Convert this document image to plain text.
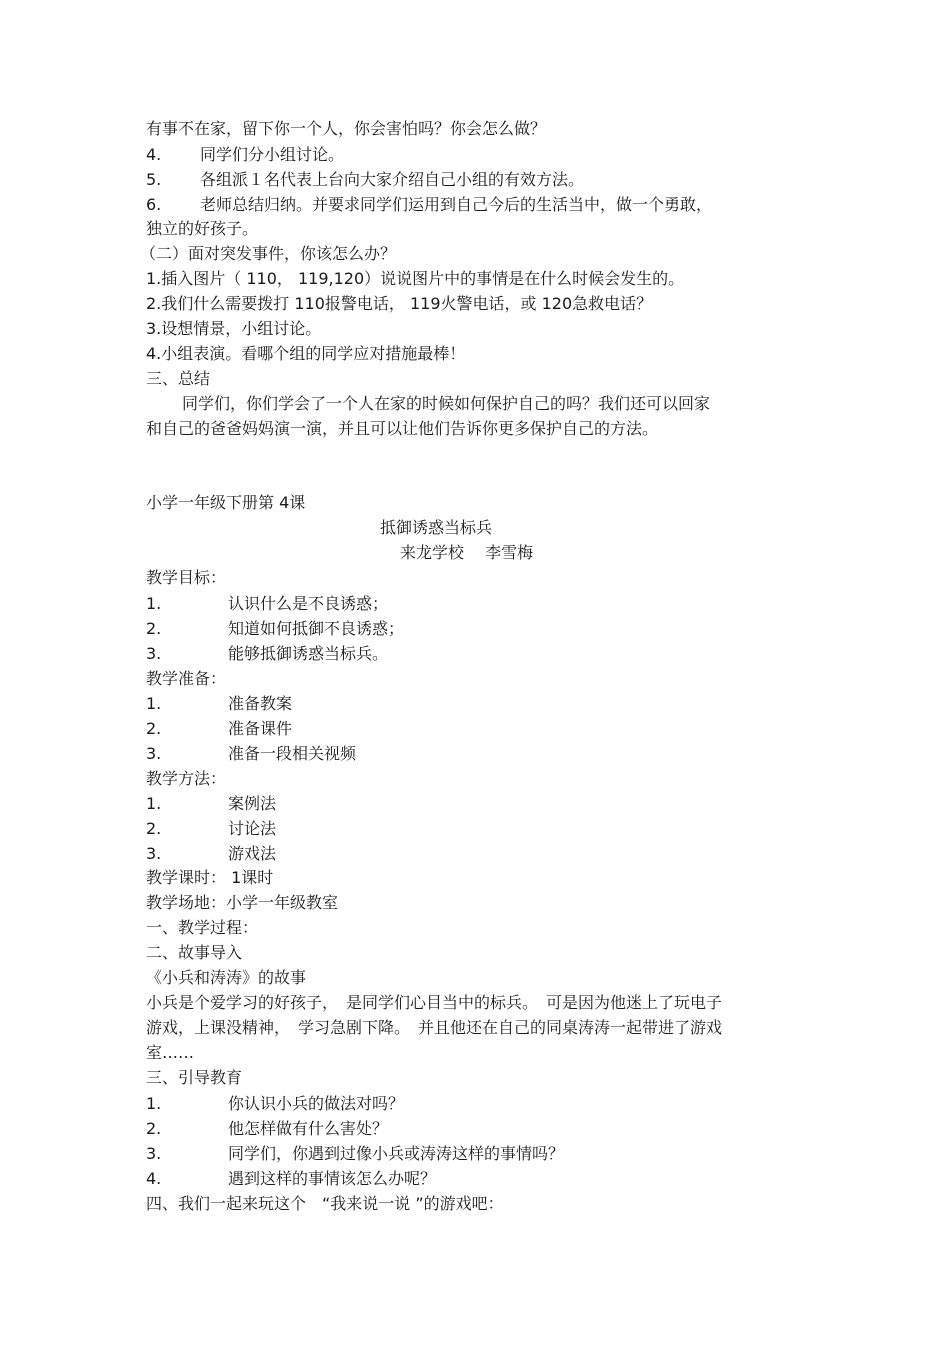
有事不在家，留下你一个人，你会害怕吗？你会怎么做？
4. 同学们分小组讨论。
5. 各组派１名代表上台向大家介绍自己小组的有效方法。
6. 老师总结归纳。并要求同学们运用到自己今后的生活当中，做一个勇敢，
独立的好孩子。
（二）面对突发事件，你该怎么办？
1.插入图片（ 110， 119,120）说说图片中的事情是在什么时候会发生的。
2.我们什么需要拨打 110报警电话， 119火警电话，或 120急救电话？
3.设想情景，小组讨论。
4.小组表演。看哪个组的同学应对措施最棒！
三、总结
同学们，你们学会了一个人在家的时候如何保护自己的吗？我们还可以回家
和自己的爸爸妈妈演一演，并且可以让他们告诉你更多保护自己的方法。
小学一年级下册第 4课
抵御诱惑当标兵
来龙学校　 李雪梅
教学目标：
1.	认识什么是不良诱惑；
2.	知道如何抵御不良诱惑；
3.	能够抵御诱惑当标兵。
教学准备：
1.	准备教案
2.	准备课件
3.	准备一段相关视频
教学方法：
1.	案例法
2.	讨论法
3.	游戏法
教学课时： 1课时
教学场地：小学一年级教室
一、教学过程：
二、故事导入
《小兵和涛涛》的故事
小兵是个爱学习的好孩子，　是同学们心目当中的标兵。　可是因为他迷上了玩电子
游戏，上课没精神，　学习急剧下降。　并且他还在自己的同桌涛涛一起带进了游戏
室……
三、引导教育
1.	你认识小兵的做法对吗？
2.	他怎样做有什么害处？
3.	同学们，你遇到过像小兵或涛涛这样的事情吗？
4.	遇到这样的事情该怎么办呢？
四、我们一起来玩这个　“我来说一说 ”的游戏吧：
